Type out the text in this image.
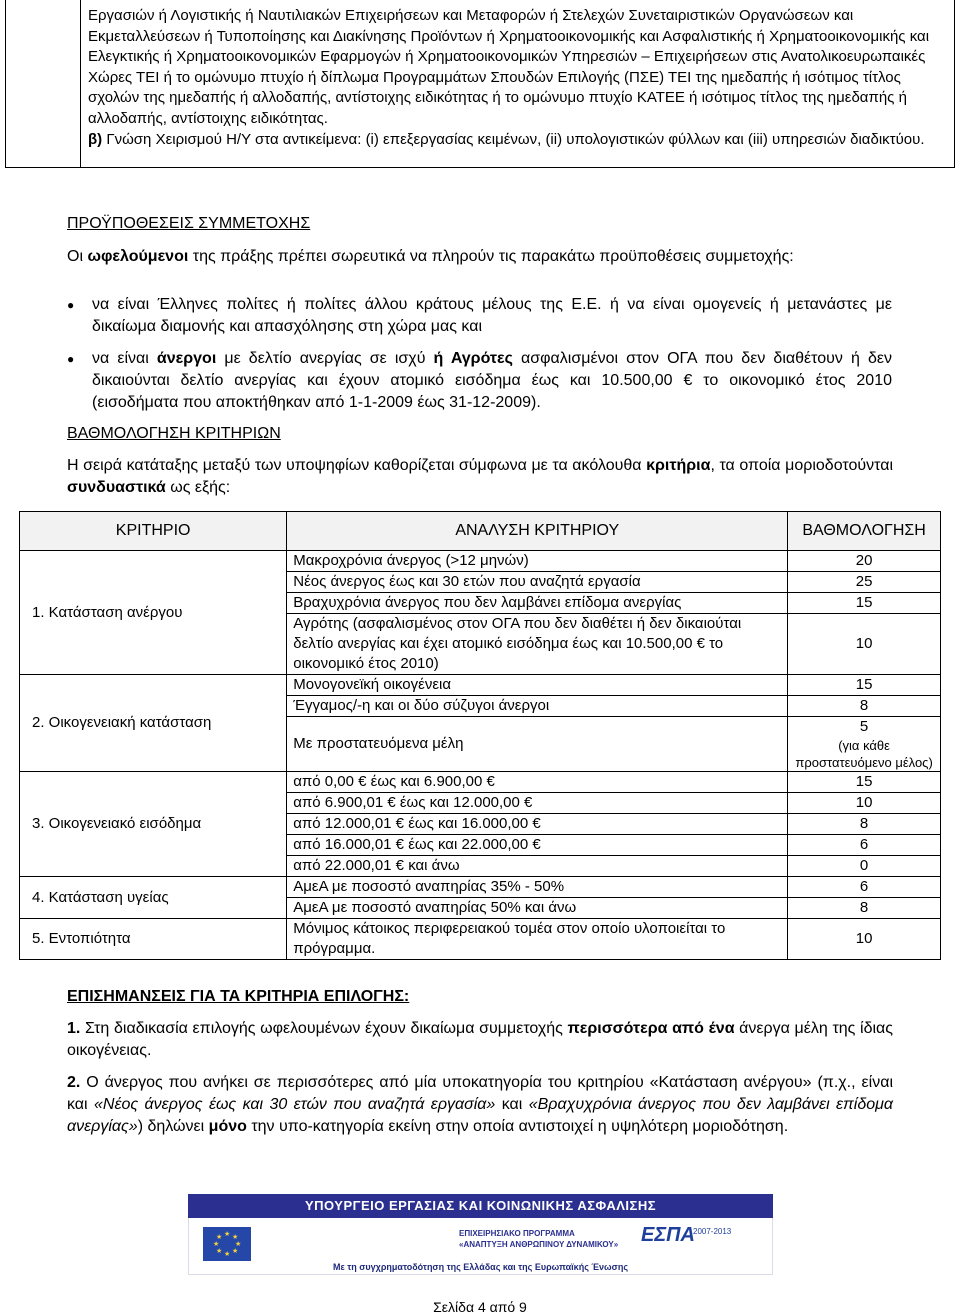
Εργασιών ή Λογιστικής ή Ναυτιλιακών Επιχειρήσεων και Μεταφορών ή Στελεχών Συνεταιριστικών Οργανώσεων και Εκμεταλλεύσεων ή Τυποποίησης και Διακίνησης Προϊόντων ή Χρηματοοικονομικής και Ασφαλιστικής ή Χρηματοοικονομικής και Ελεγκτικής ή Χρηματοοικονομικών Εφαρμογών ή Χρηματοοικονομικών Υπηρεσιών – Επιχειρήσεων στις Ανατολικοευρωπαικές Χώρες ΤΕΙ ή το ομώνυμο πτυχίο ή δίπλωμα Προγραμμάτων Σπουδών Επιλογής (ΠΣΕ) ΤΕΙ της ημεδαπής ή ισότιμος τίτλος σχολών της ημεδαπής ή αλλοδαπής, αντίστοιχης ειδικότητας ή το ομώνυμο πτυχίο ΚΑΤΕΕ ή ισότιμος τίτλος της ημεδαπής ή αλλοδαπής, αντίστοιχης ειδικότητας.

β) Γνώση Χειρισμού Η/Υ στα αντικείμενα: (i) επεξεργασίας κειμένων, (ii) υπολογιστικών φύλλων και (iii) υπηρεσιών διαδικτύου.

ΠΡΟΫΠΟΘΕΣΕΙΣ ΣΥΜΜΕΤΟΧΗΣ

Οι ωφελούμενοι της πράξης πρέπει σωρευτικά να πληρούν τις παρακάτω προϋποθέσεις συμμετοχής:

● να είναι Έλληνες πολίτες ή πολίτες άλλου κράτους μέλους της Ε.Ε. ή να είναι ομογενείς ή μετανάστες με δικαίωμα διαμονής και απασχόλησης στη χώρα μας και
● να είναι άνεργοι με δελτίο ανεργίας σε ισχύ ή Αγρότες ασφαλισμένοι στον ΟΓΑ που δεν διαθέτουν ή δεν δικαιούνται δελτίο ανεργίας και έχουν ατομικό εισόδημα έως και 10.500,00 € το οικονομικό έτος 2010 (εισοδήματα που αποκτήθηκαν από 1-1-2009 έως 31-12-2009).

ΒΑΘΜΟΛΟΓΗΣΗ ΚΡΙΤΗΡΙΩΝ

Η σειρά κατάταξης μεταξύ των υποψηφίων καθορίζεται σύμφωνα με τα ακόλουθα κριτήρια, τα οποία μοριοδοτούνται συνδυαστικά ως εξής:

ΚΡΙΤΗΡΙΟ	ΑΝΑΛΥΣΗ ΚΡΙΤΗΡΙΟΥ	ΒΑΘΜΟΛΟΓΗΣΗ
1. Κατάσταση ανέργου	Μακροχρόνια άνεργος (>12 μηνών)	20
	Νέος άνεργος έως και 30 ετών που αναζητά εργασία	25
	Βραχυχρόνια άνεργος που δεν λαμβάνει επίδομα ανεργίας	15
	Αγρότης (ασφαλισμένος στον ΟΓΑ που δεν διαθέτει ή δεν δικαιούται δελτίο ανεργίας και έχει ατομικό εισόδημα έως και 10.500,00 € το οικονομικό έτος 2010)	10
2. Οικογενειακή κατάσταση	Μονογονεϊκή οικογένεια	15
	Έγγαμος/-η και οι δύο σύζυγοι άνεργοι	8
	Με προστατευόμενα μέλη	5
(για κάθε προστατευόμενο μέλος)

3. Οικογενειακό εισόδημα	από 0,00 € έως και 6.900,00 €	15
	από 6.900,01 € έως και 12.000,00 €	10
	από 12.000,01 € έως και 16.000,00 €	8
	από 16.000,01 € έως και 22.000,00 €	6
	από 22.000,01 € και άνω	0
4. Κατάσταση υγείας	ΑμεΑ με ποσοστό αναπηρίας 35% - 50%	6
	ΑμεΑ με ποσοστό αναπηρίας 50% και άνω	8
5. Εντοπιότητα	Μόνιμος κάτοικος περιφερειακού τομέα στον οποίο υλοποιείται το πρόγραμμα.	10

ΕΠΙΣΗΜΑΝΣΕΙΣ ΓΙΑ ΤΑ ΚΡΙΤΗΡΙΑ ΕΠΙΛΟΓΗΣ:

1. Στη διαδικασία επιλογής ωφελουμένων έχουν δικαίωμα συμμετοχής περισσότερα από ένα άνεργα μέλη της ίδιας οικογένειας.

2. Ο άνεργος που ανήκει σε περισσότερες από μία υποκατηγορία του κριτηρίου «Κατάσταση ανέργου» (π.χ., είναι και «Νέος άνεργος έως και 30 ετών που αναζητά εργασία» και «Βραχυχρόνια άνεργος που δεν λαμβάνει επίδομα ανεργίας») δηλώνει μόνο την υπο-κατηγορία εκείνη στην οποία αντιστοιχεί η υψηλότερη μοριοδότηση.

ΥΠΟΥΡΓΕΙΟ ΕΡΓΑΣΙΑΣ ΚΑΙ ΚΟΙΝΩΝΙΚΗΣ ΑΣΦΑΛΙΣΗΣ
★ ★
★
★
★
★
★
★	ΕΠΙΧΕΙΡΗΣΙΑΚΟ ΠΡΟΓΡΑΜΜΑ «ΑΝΑΠΤΥΞΗ ΑΝΘΡΩΠΙΝΟΥ ΔΥΝΑΜΙΚΟΥ» ΕΣΠΑ
2007-2013
Με τη συγχρηματοδότηση της Ελλάδας και της Ευρωπαϊκής Ένωσης
Σελίδα 4 από 9
